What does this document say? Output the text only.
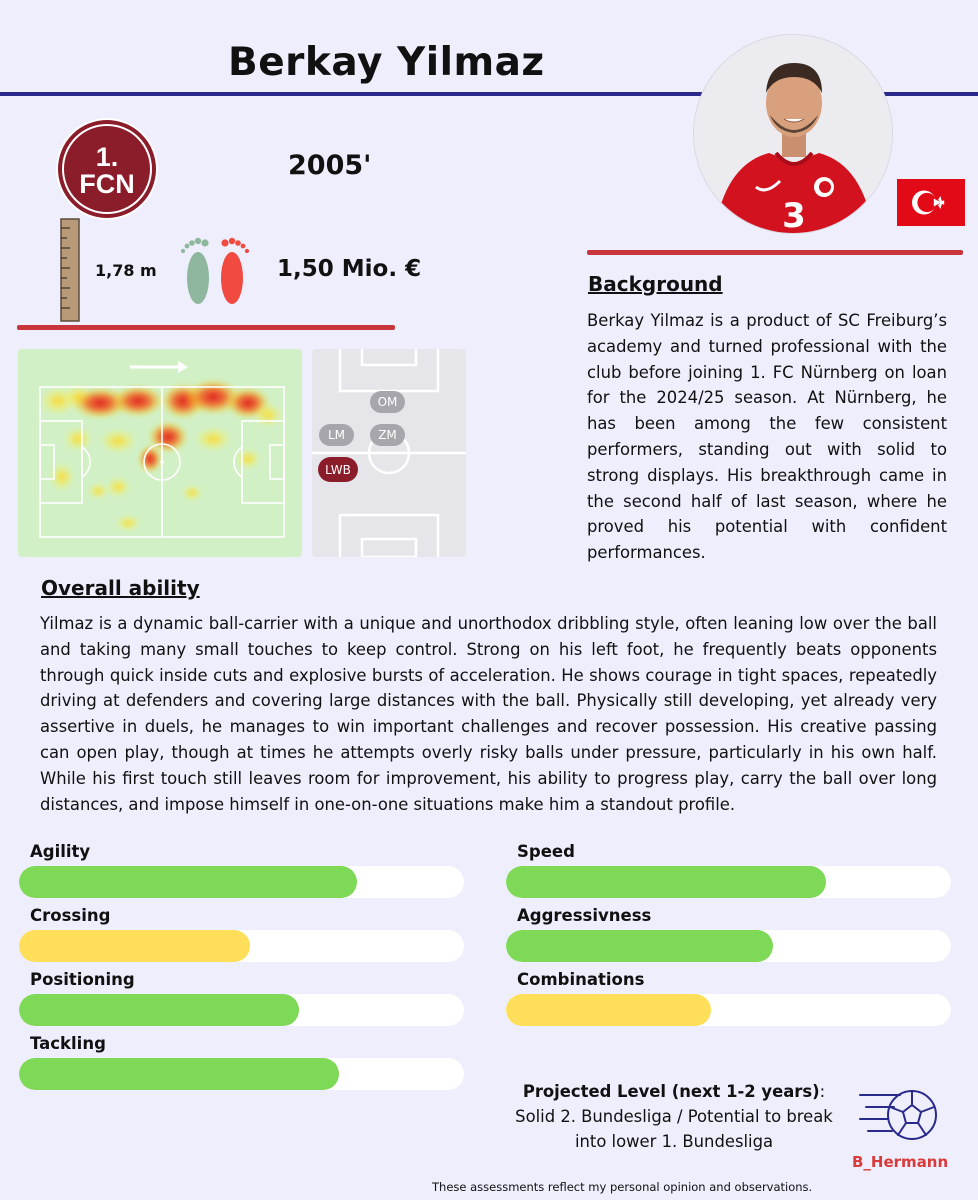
Berkay Yilmaz
3
1.
FCN
2005'
1,78 m	1,50 Mio. €
OM
LM	ZM
LWB
Background
Berkay Yilmaz is a product of SC Freiburg’s academy and turned professional with the club before joining 1. FC Nürnberg on loan for the 2024/25 season. At Nürnberg, he has been among the few consistent performers, standing out with solid to strong displays. His breakthrough came in the second half of last season, where he proved his potential with confident performances.
Overall ability
Yilmaz is a dynamic ball-carrier with a unique and unorthodox dribbling style, often leaning low over the ball and taking many small touches to keep control. Strong on his left foot, he frequently beats opponents through quick inside cuts and explosive bursts of acceleration. He shows courage in tight spaces, repeatedly driving at defenders and covering large distances with the ball. Physically still developing, yet already very assertive in duels, he manages to win important challenges and recover possession. His creative passing can open play, though at times he attempts overly risky balls under pressure, particularly in his own half. While his first touch still leaves room for improvement, his ability to progress play, carry the ball over long distances, and impose himself in one-on-one situations make him a standout profile.
Agility	Speed
Crossing	Aggressivness
Positioning	Combinations
Tackling
Projected Level (next 1-2 years): Solid 2. Bundesliga / Potential to break into lower 1. Bundesliga
B_Hermann
These assessments reflect my personal opinion and observations.
